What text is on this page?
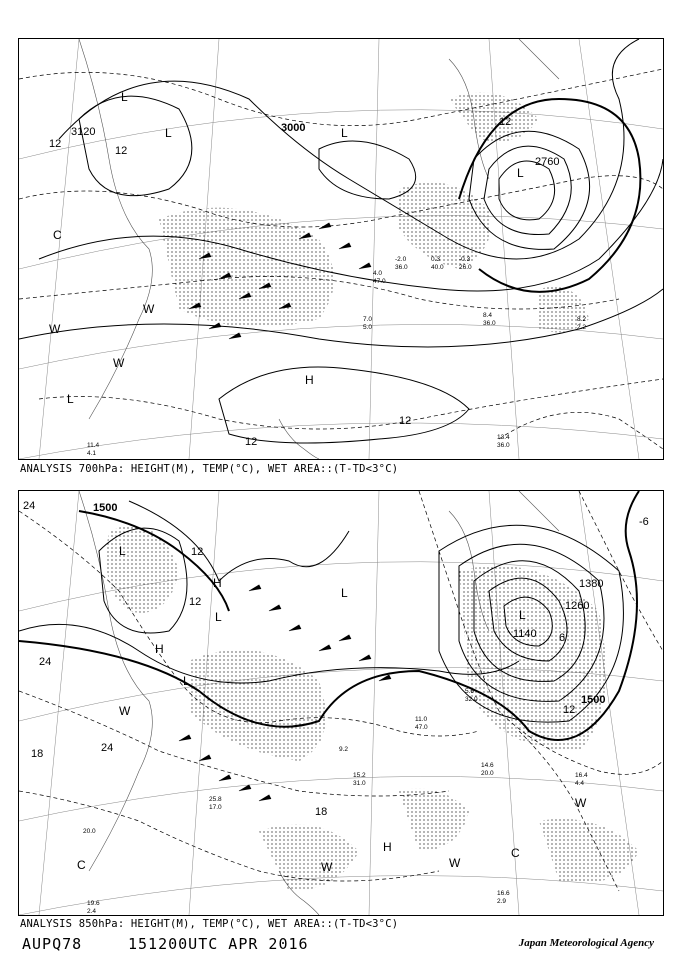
3120	3000
2760
12
12
12
12
12
L
L	L
L
H
C
W
W
W
L
13.4
36.0
8.4
36.0
8.2
2.2
0.3
40.0
-0.3
26.0
11.4
4.1
7.0
5.0
-2.0
36.0
4.0
47.0
ANALYSIS 700hPa: HEIGHT(M), TEMP(°C), WET AREA::(T-TD<3°C)
1500
1500
1380
1260
1140
24
24
24
18
18
12
12
12
-6
6
L
L
L
L
L
H
H
H
C
C
W
W	W
W
16.6
2.9
14.6
20.0	16.4
4.4
15.2
31.0
25.8
17.0
19.6
2.4
20.0
9.2
11.0
47.0
5.6
32.0
ANALYSIS 850hPa: HEIGHT(M), TEMP(°C), WET AREA::(T-TD<3°C)
AUPQ78	151200UTC APR 2016	Japan Meteorological Agency
